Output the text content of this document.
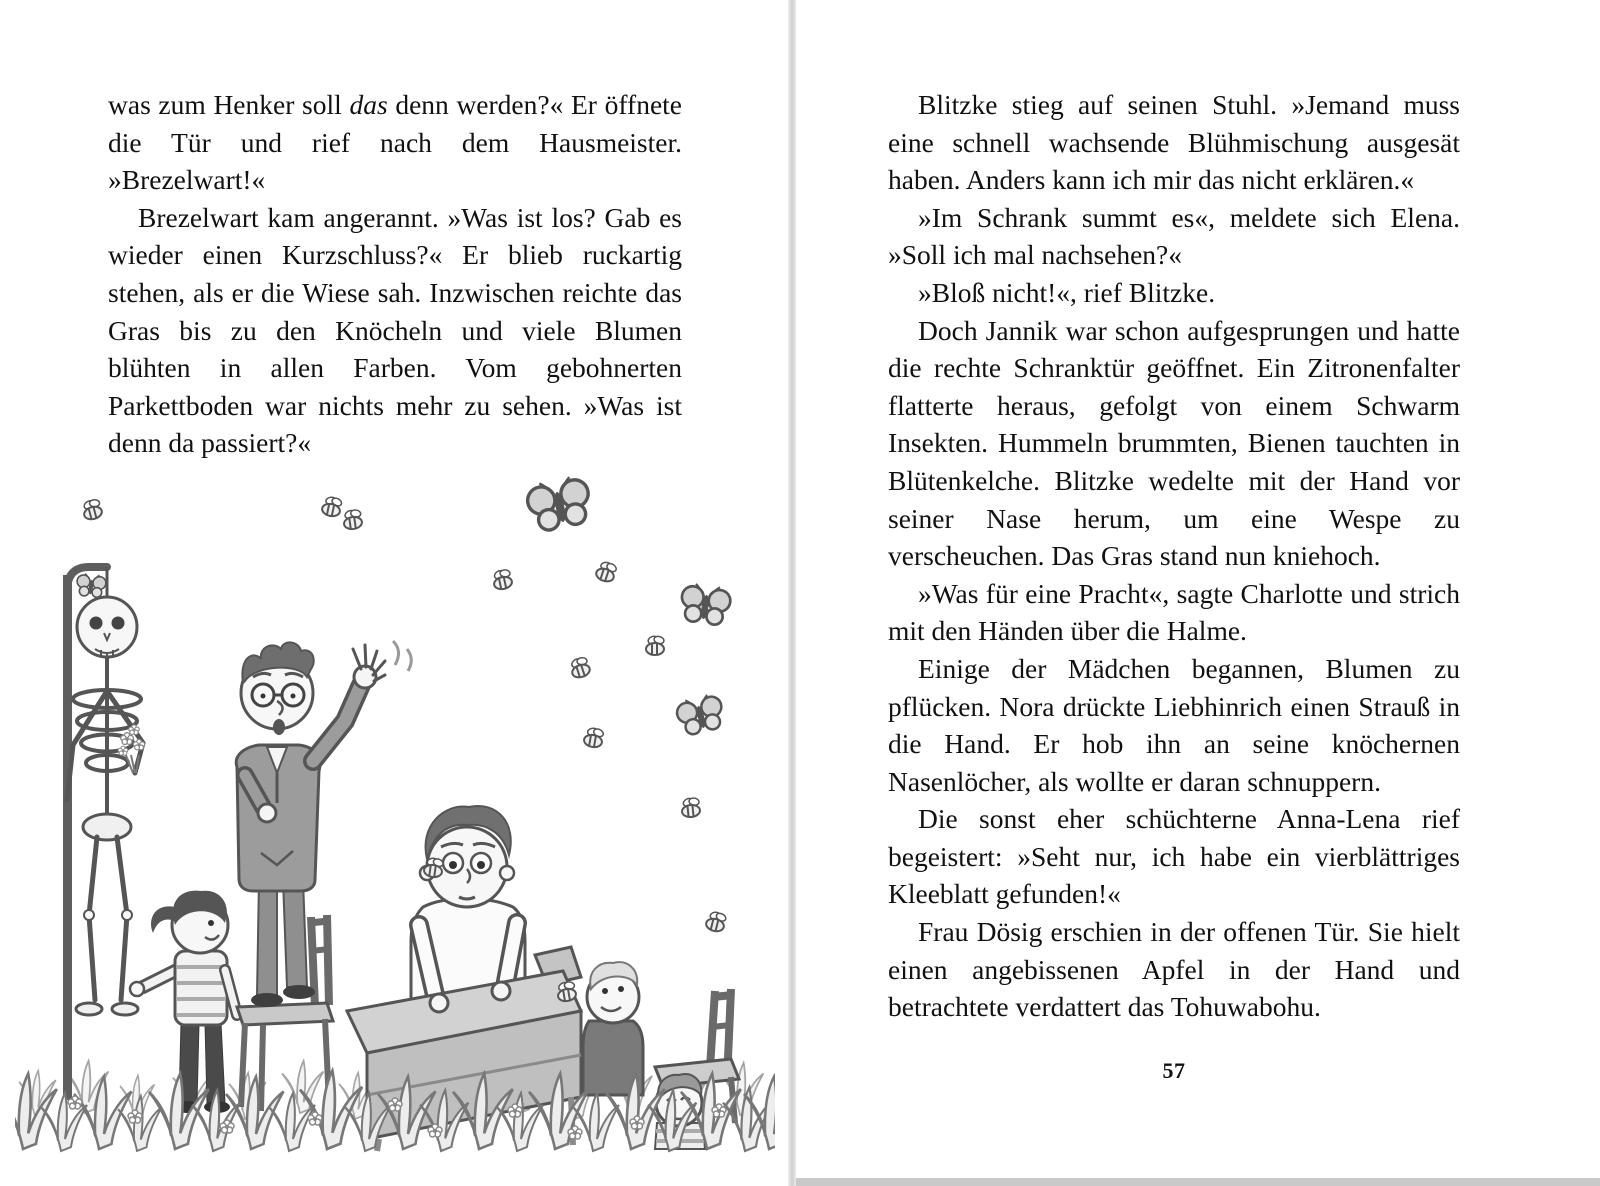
was zum Henker soll das denn werden?« Er öffnete die Tür und rief nach dem Hausmeister. »Brezelwart!«

Brezelwart kam angerannt. »Was ist los? Gab es wieder einen Kurzschluss?« Er blieb ruckartig stehen, als er die Wiese sah. Inzwischen reichte das Gras bis zu den Knöcheln und viele Blumen blühten in allen Farben. Vom gebohnerten Parkettboden war nichts mehr zu sehen. »Was ist denn da passiert?«

Blitzke stieg auf seinen Stuhl. »Jemand muss eine schnell wachsende Blühmischung ausgesät haben. Anders kann ich mir das nicht erklären.«

»Im Schrank summt es«, meldete sich Elena. »Soll ich mal nachsehen?«

»Bloß nicht!«, rief Blitzke.

Doch Jannik war schon aufgesprungen und hatte die rechte Schranktür geöffnet. Ein Zitronenfalter flatterte heraus, gefolgt von einem Schwarm Insekten. Hummeln brummten, Bienen tauchten in Blütenkelche. Blitzke wedelte mit der Hand vor seiner Nase herum, um eine Wespe zu verscheuchen. Das Gras stand nun kniehoch.

»Was für eine Pracht«, sagte Charlotte und strich mit den Händen über die Halme.

Einige der Mädchen begannen, Blumen zu pflücken. Nora drückte Liebhinrich einen Strauß in die Hand. Er hob ihn an seine knöchernen Nasenlöcher, als wollte er daran schnuppern.

Die sonst eher schüchterne Anna-Lena rief begeistert: »Seht nur, ich habe ein vierblättriges Kleeblatt gefunden!«

Frau Dösig erschien in der offenen Tür. Sie hielt einen angebissenen Apfel in der Hand und betrachtete verdattert das Tohuwabohu.

57
